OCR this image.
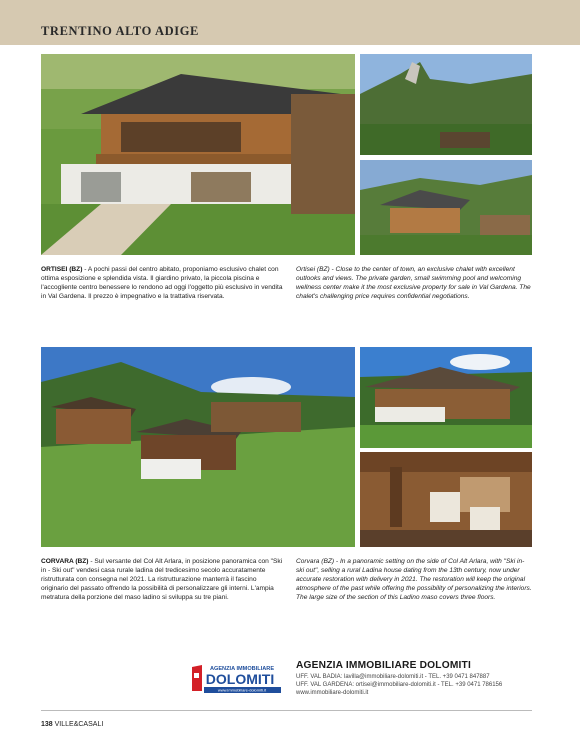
TRENTINO ALTO ADIGE
ORTISEI (BZ) - A pochi passi del centro abitato, proponiamo esclusivo chalet con ottima esposizione e splendida vista. Il giardino privato, la piccola piscina e l'accogliente centro benessere lo rendono ad oggi l'oggetto più esclusivo in vendita in Val Gardena. Il prezzo è impegnativo e la trattativa riservata.
Ortisei (BZ) - Close to the center of town, an exclusive chalet with excellent outlooks and views. The private garden, small swimming pool and welcoming wellness center make it the most exclusive property for sale in Val Gardena. The chalet's challenging price requires confidential negotiations.
CORVARA (BZ) - Sul versante del Col Alt Arlara, in posizione panoramica con "Ski in - Ski out" vendesi casa rurale ladina del tredicesimo secolo accuratamente ristrutturata con consegna nel 2021. La ristrutturazione manterrà il fascino originario del passato offrendo la possibilità di personalizzare gli interni. L'ampia metratura della porzione del maso ladino si sviluppa su tre piani.
Corvara (BZ) - In a panoramic setting on the side of Col Alt Arlara, with "Ski in-ski out", selling a rural Ladina house dating from the 13th century, now under accurate restoration with delivery in 2021. The restoration will keep the original atmosphere of the past while offering the possibility of personalizing the interiors. The large size of the section of this Ladino maso covers three floors.
AGENZIA IMMOBILIARE
DOLOMITI
www.immobiliare-dolomiti.it
AGENZIA IMMOBILIARE DOLOMITI
UFF. VAL BADIA: lavilla@immobiliare-dolomiti.it - TEL. +39 0471 847887
UFF. VAL GARDENA: ortisei@immobiliare-dolomiti.it - TEL. +39 0471 786156
www.immobiliare-dolomiti.it
138 VILLE&CASALI
